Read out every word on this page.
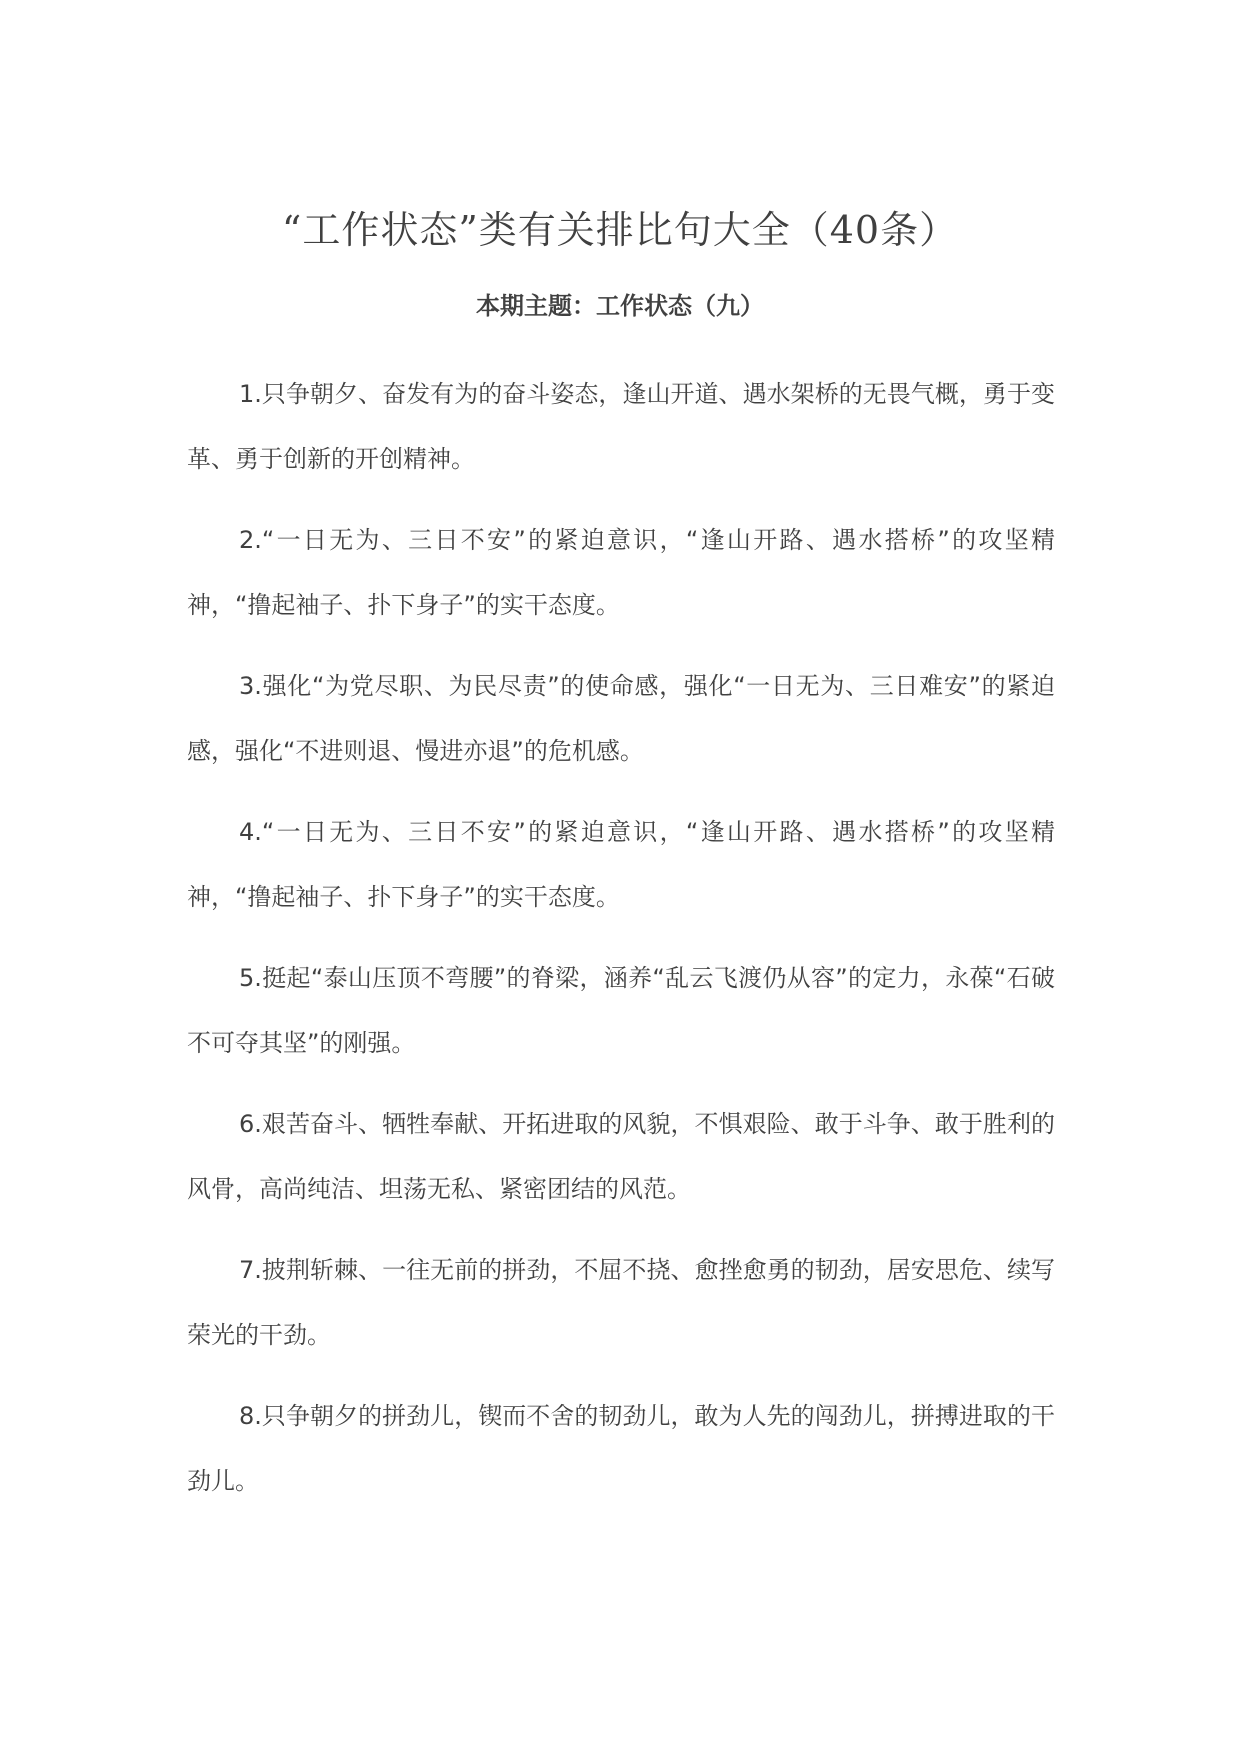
“工作状态”类有关排比句大全（40条）
本期主题：工作状态（九）

1.只争朝夕、奋发有为的奋斗姿态，逢山开道、遇水架桥的无畏气概，勇于变革、勇于创新的开创精神。

2.“一日无为、三日不安”的紧迫意识，“逢山开路、遇水搭桥”的攻坚精神，“撸起袖子、扑下身子”的实干态度。

3.强化“为党尽职、为民尽责”的使命感，强化“一日无为、三日难安”的紧迫感，强化“不进则退、慢进亦退”的危机感。

4.“一日无为、三日不安”的紧迫意识，“逢山开路、遇水搭桥”的攻坚精神，“撸起袖子、扑下身子”的实干态度。

5.挺起“泰山压顶不弯腰”的脊梁，涵养“乱云飞渡仍从容”的定力，永葆“石破不可夺其坚”的刚强。

6.艰苦奋斗、牺牲奉献、开拓进取的风貌，不惧艰险、敢于斗争、敢于胜利的风骨，高尚纯洁、坦荡无私、紧密团结的风范。

7.披荆斩棘、一往无前的拼劲，不屈不挠、愈挫愈勇的韧劲，居安思危、续写荣光的干劲。

8.只争朝夕的拼劲儿，锲而不舍的韧劲儿，敢为人先的闯劲儿，拼搏进取的干劲儿。
